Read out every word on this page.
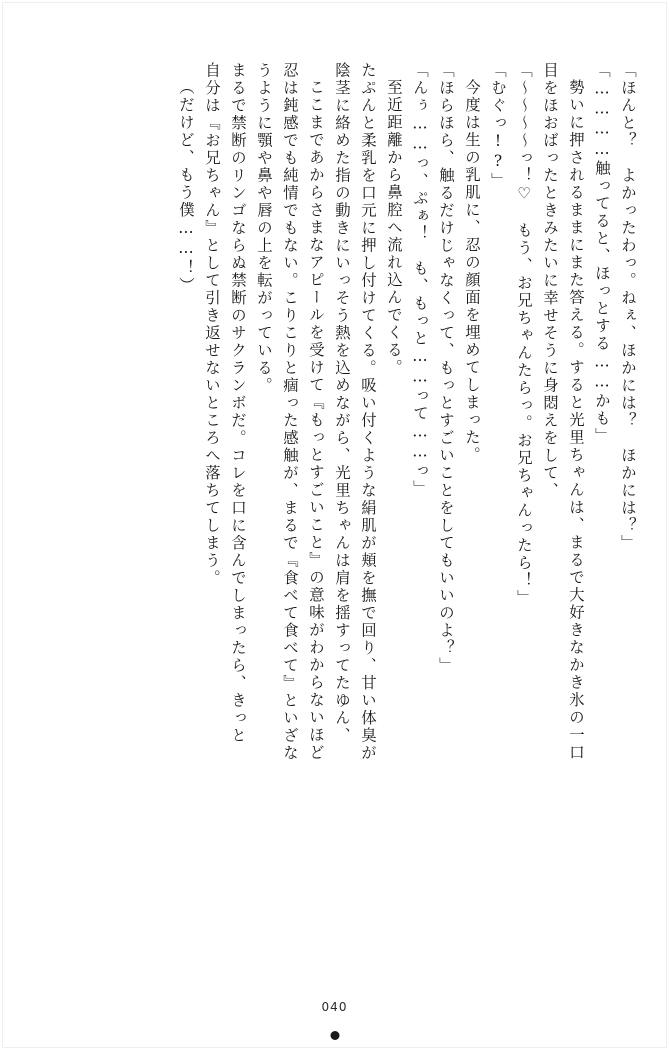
「ほんと？　よかったわっ。ねぇ、ほかには？　ほかには？」
「…………触ってると、ほっとする……かも」
勢いに押されるままにまた答える。すると光里ちゃんは、まるで大好きなかき氷の一口
目をほおばったときみたいに幸せそうに身悶えをして、
「〜〜〜〜っ！♡　もう、お兄ちゃんたらっ。お兄ちゃんったら！」
「むぐっ!?」
今度は生の乳肌に、忍の顔面を埋めてしまった。
「ほらほら、触るだけじゃなくって、もっとすごいことをしてもいいのよ？」
「んぅ……っ、ぷぁ！　も、もっと……って……っ」
至近距離から鼻腔へ流れ込んでくる。
たぷんと柔乳を口元に押し付けてくる。吸い付くような絹肌が頬を撫で回り、甘い体臭が
陰茎に絡めた指の動きにいっそう熱を込めながら、光里ちゃんは肩を揺すってたゆん、
ここまであからさまなアピールを受けて『もっとすごいこと』の意味がわからないほど
忍は鈍感でも純情でもない。こりこりと痼った感触が、まるで『食べて食べて』といざな
うように顎や鼻や唇の上を転がっている。
まるで禁断のリンゴならぬ禁断のサクランボだ。コレを口に含んでしまったら、きっと
自分は『お兄ちゃん』として引き返せないところへ落ちてしまう。
（だけど、もう僕……！）
040
